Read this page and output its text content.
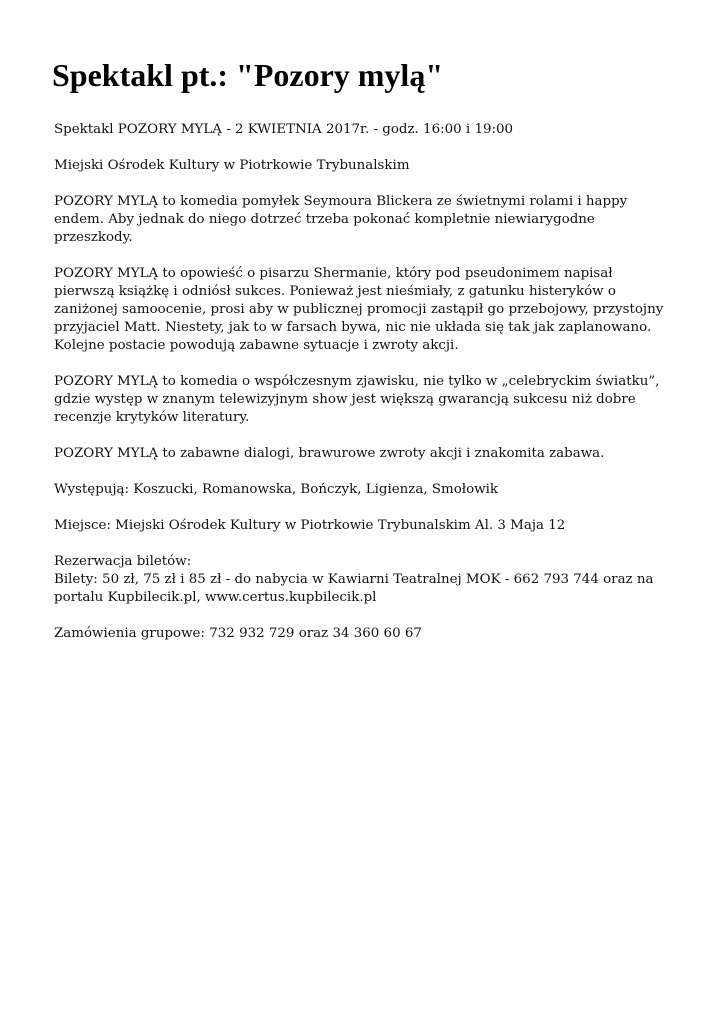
Spektakl pt.: "Pozory mylą"

Spektakl POZORY MYLĄ - 2 KWIETNIA 2017r. - godz. 16:00 i 19:00

Miejski Ośrodek Kultury w Piotrkowie Trybunalskim

POZORY MYLĄ to komedia pomyłek Seymoura Blickera ze świetnymi rolami i happy endem. Aby jednak do niego dotrzeć trzeba pokonać kompletnie niewiarygodne przeszkody.

POZORY MYLĄ to opowieść o pisarzu Shermanie, który pod pseudonimem napisał pierwszą książkę i odniósł sukces. Ponieważ jest nieśmiały, z gatunku histeryków o zaniżonej samoocenie, prosi aby w publicznej promocji zastąpił go przebojowy, przystojny przyjaciel Matt. Niestety, jak to w farsach bywa, nic nie układa się tak jak zaplanowano. Kolejne postacie powodują zabawne sytuacje i zwroty akcji.

POZORY MYLĄ to komedia o współczesnym zjawisku, nie tylko w „celebryckim światku”, gdzie występ w znanym telewizyjnym show jest większą gwarancją sukcesu niż dobre recenzje krytyków literatury.

POZORY MYLĄ to zabawne dialogi, brawurowe zwroty akcji i znakomita zabawa.

Występują: Koszucki, Romanowska, Bończyk, Ligienza, Smołowik

Miejsce: Miejski Ośrodek Kultury w Piotrkowie Trybunalskim Al. 3 Maja 12

Rezerwacja biletów:
Bilety: 50 zł, 75 zł i 85 zł - do nabycia w Kawiarni Teatralnej MOK - 662 793 744 oraz na portalu Kupbilecik.pl, www.certus.kupbilecik.pl

Zamówienia grupowe: 732 932 729 oraz 34 360 60 67
